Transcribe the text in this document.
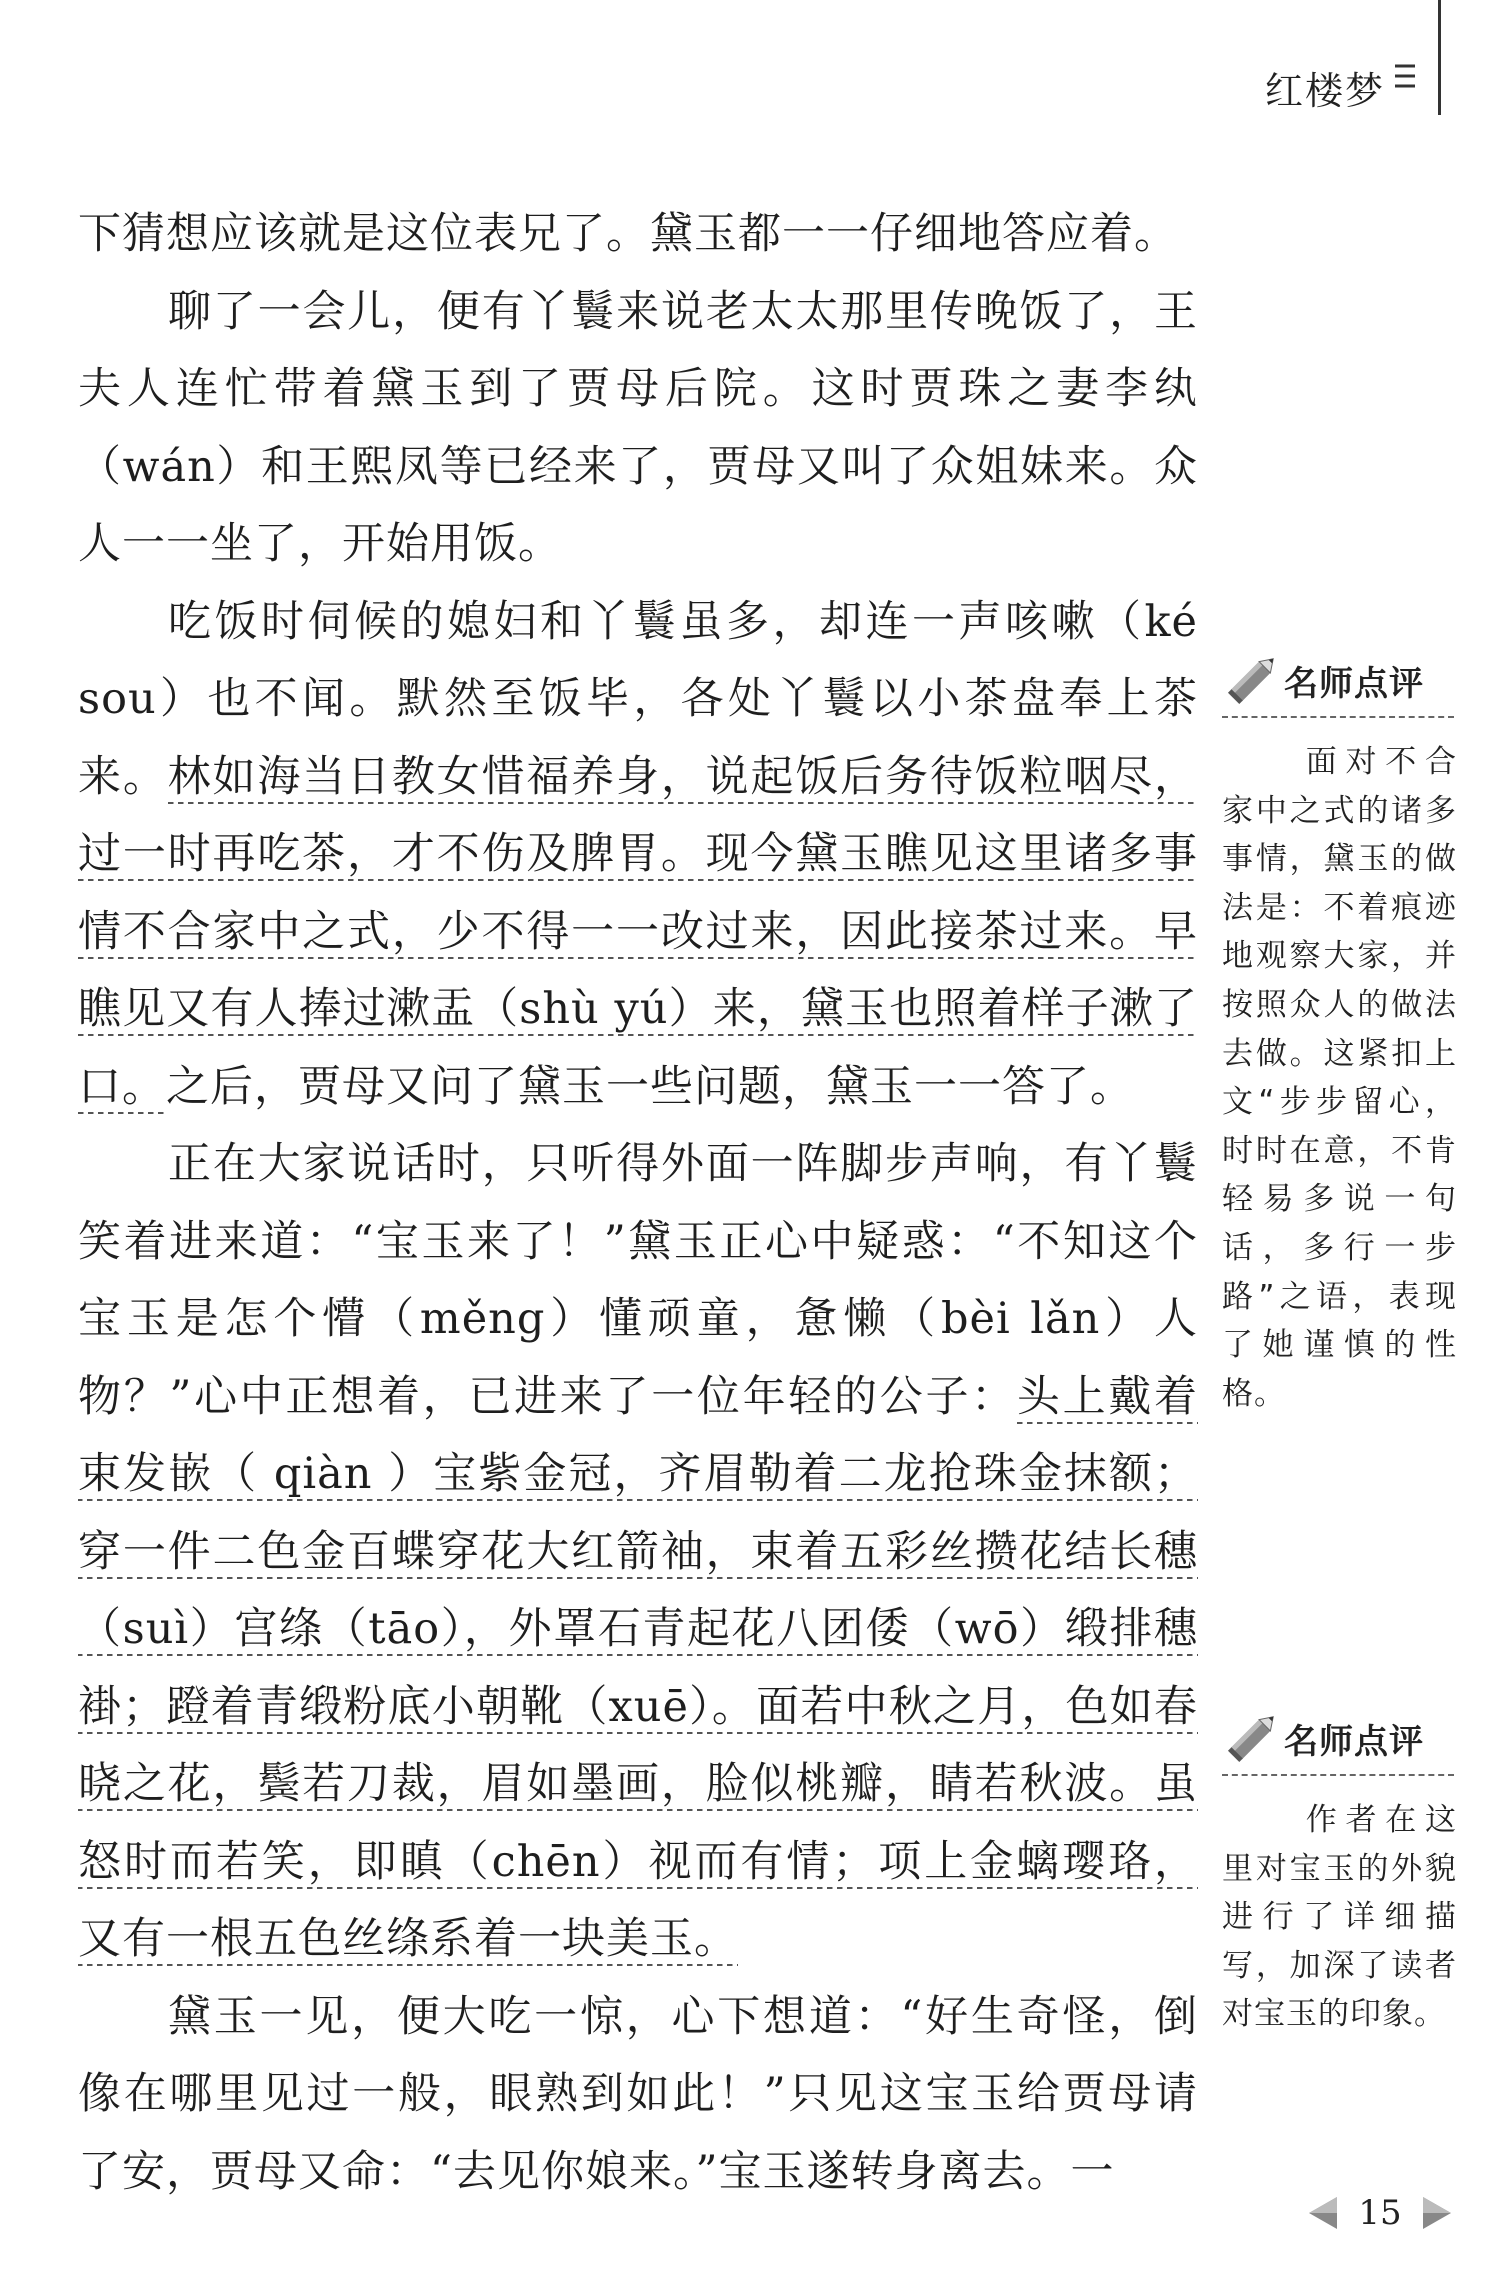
红楼梦

下猜想应该就是这位表兄了。黛玉都一一仔细地答应着。

聊了一会儿，便有丫鬟来说老太太那里传晚饭了，王夫人连忙带着黛玉到了贾母后院。这时贾珠之妻李纨（wán）和王熙凤等已经来了，贾母又叫了众姐妹来。众人一一坐了，开始用饭。

吃饭时伺候的媳妇和丫鬟虽多，却连一声咳嗽（ké sou）也不闻。默然至饭毕，各处丫鬟以小茶盘奉上茶来。林如海当日教女惜福养身，说起饭后务待饭粒咽尽，过一时再吃茶，才不伤及脾胃。现今黛玉瞧见这里诸多事情不合家中之式，少不得一一改过来，因此接茶过来。早瞧见又有人捧过漱盂（shù yú）来，黛玉也照着样子漱了口。之后，贾母又问了黛玉一些问题，黛玉一一答了。

正在大家说话时，只听得外面一阵脚步声响，有丫鬟笑着进来道：“宝玉来了！”黛玉正心中疑惑：“不知这个宝玉是怎个懵（měng）懂顽童，惫懒（bèi lǎn）人物？”心中正想着，已进来了一位年轻的公子：头上戴着束发嵌（ qiàn ）宝紫金冠，齐眉勒着二龙抢珠金抹额；穿一件二色金百蝶穿花大红箭袖，束着五彩丝攒花结长穗（suì）宫绦（tāo），外罩石青起花八团倭（wō）缎排穗褂；蹬着青缎粉底小朝靴（xuē）。面若中秋之月，色如春晓之花，鬓若刀裁，眉如墨画，脸似桃瓣，睛若秋波。虽怒时而若笑，即瞋（chēn）视而有情；项上金螭璎珞，又有一根五色丝绦系着一块美玉。

黛玉一见，便大吃一惊，心下想道：“好生奇怪，倒像在哪里见过一般，眼熟到如此！”只见这宝玉给贾母请了安，贾母又命：“去见你娘来。”宝玉遂转身离去。一

名师点评
面对不合家中之式的诸多事情，黛玉的做法是：不着痕迹地观察大家，并按照众人的做法去做。这紧扣上文“步步留心，时时在意，不肯轻易多说一句话，多行一步路”之语，表现了她谨慎的性格。
名师点评
作者在这里对宝玉的外貌进行了详细描写，加深了读者对宝玉的印象。
15
